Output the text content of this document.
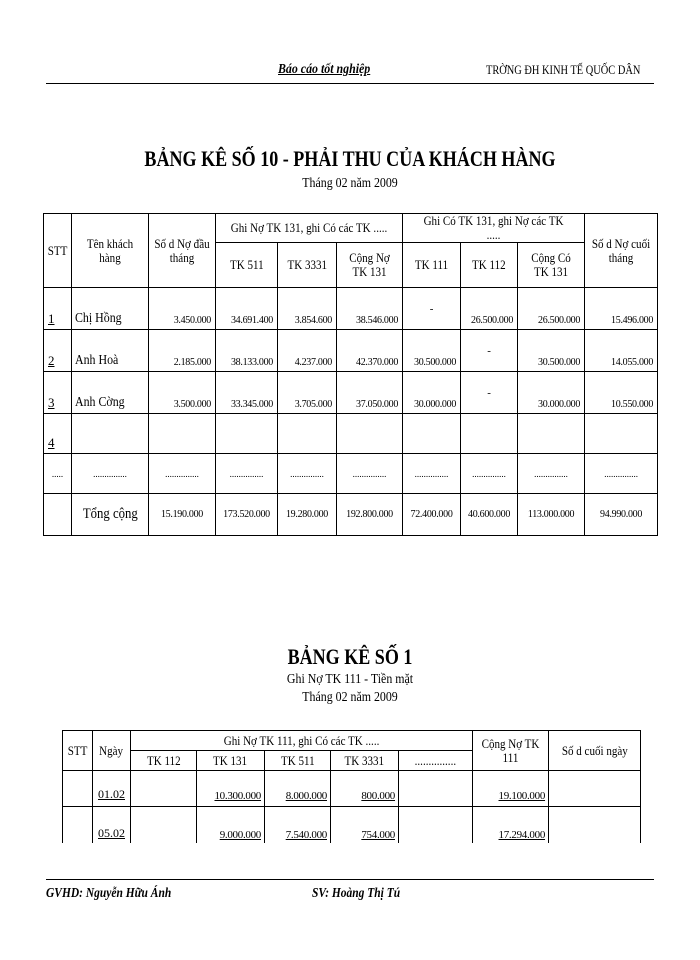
Báo cáo tốt nghiệp	TRỜNG ĐH KINH TẾ QUỐC DÂN
BẢNG KÊ SỐ 10 - PHẢI THU CỦA KHÁCH HÀNG
Tháng 02 năm 2009
STT	Tên khách hàng	Số d Nợ đầu tháng	Ghi Nợ TK 131, ghi Có các TK .....			Ghi Có TK 131, ghi Nợ các TK .....			Số d Nợ cuối tháng
			TK 511	TK 3331	Cộng Nợ TK 131	TK 111	TK 112	Cộng Có TK 131	
1	Chị Hồng	3.450.000	34.691.400	3.854.600	38.546.000	-	26.500.000	26.500.000	15.496.000
2	Anh Hoà	2.185.000	38.133.000	4.237.000	42.370.000	30.500.000	-	30.500.000	14.055.000
3	Anh Cờng	3.500.000	33.345.000	3.705.000	37.050.000	30.000.000	-	30.000.000	10.550.000
4									
.....	...............	...............	...............	...............	...............	...............	...............	...............	...............
	Tổng cộng	15.190.000	173.520.000	19.280.000	192.800.000	72.400.000	40.600.000	113.000.000	94.990.000
BẢNG KÊ SỐ 1
Ghi Nợ TK 111 - Tiền mặt
Tháng 02 năm 2009
STT	Ngày	Ghi Nợ TK 111, ghi Có các TK .....					Cộng Nợ TK 111	Số d cuối ngày
		TK 112	TK 131	TK 511	TK 3331	...............		
	01.02		10.300.000	8.000.000	800.000		19.100.000	
	05.02		9.000.000	7.540.000	754.000		17.294.000	
GVHD: Nguyễn Hữu Ánh	SV: Hoàng Thị Tú
